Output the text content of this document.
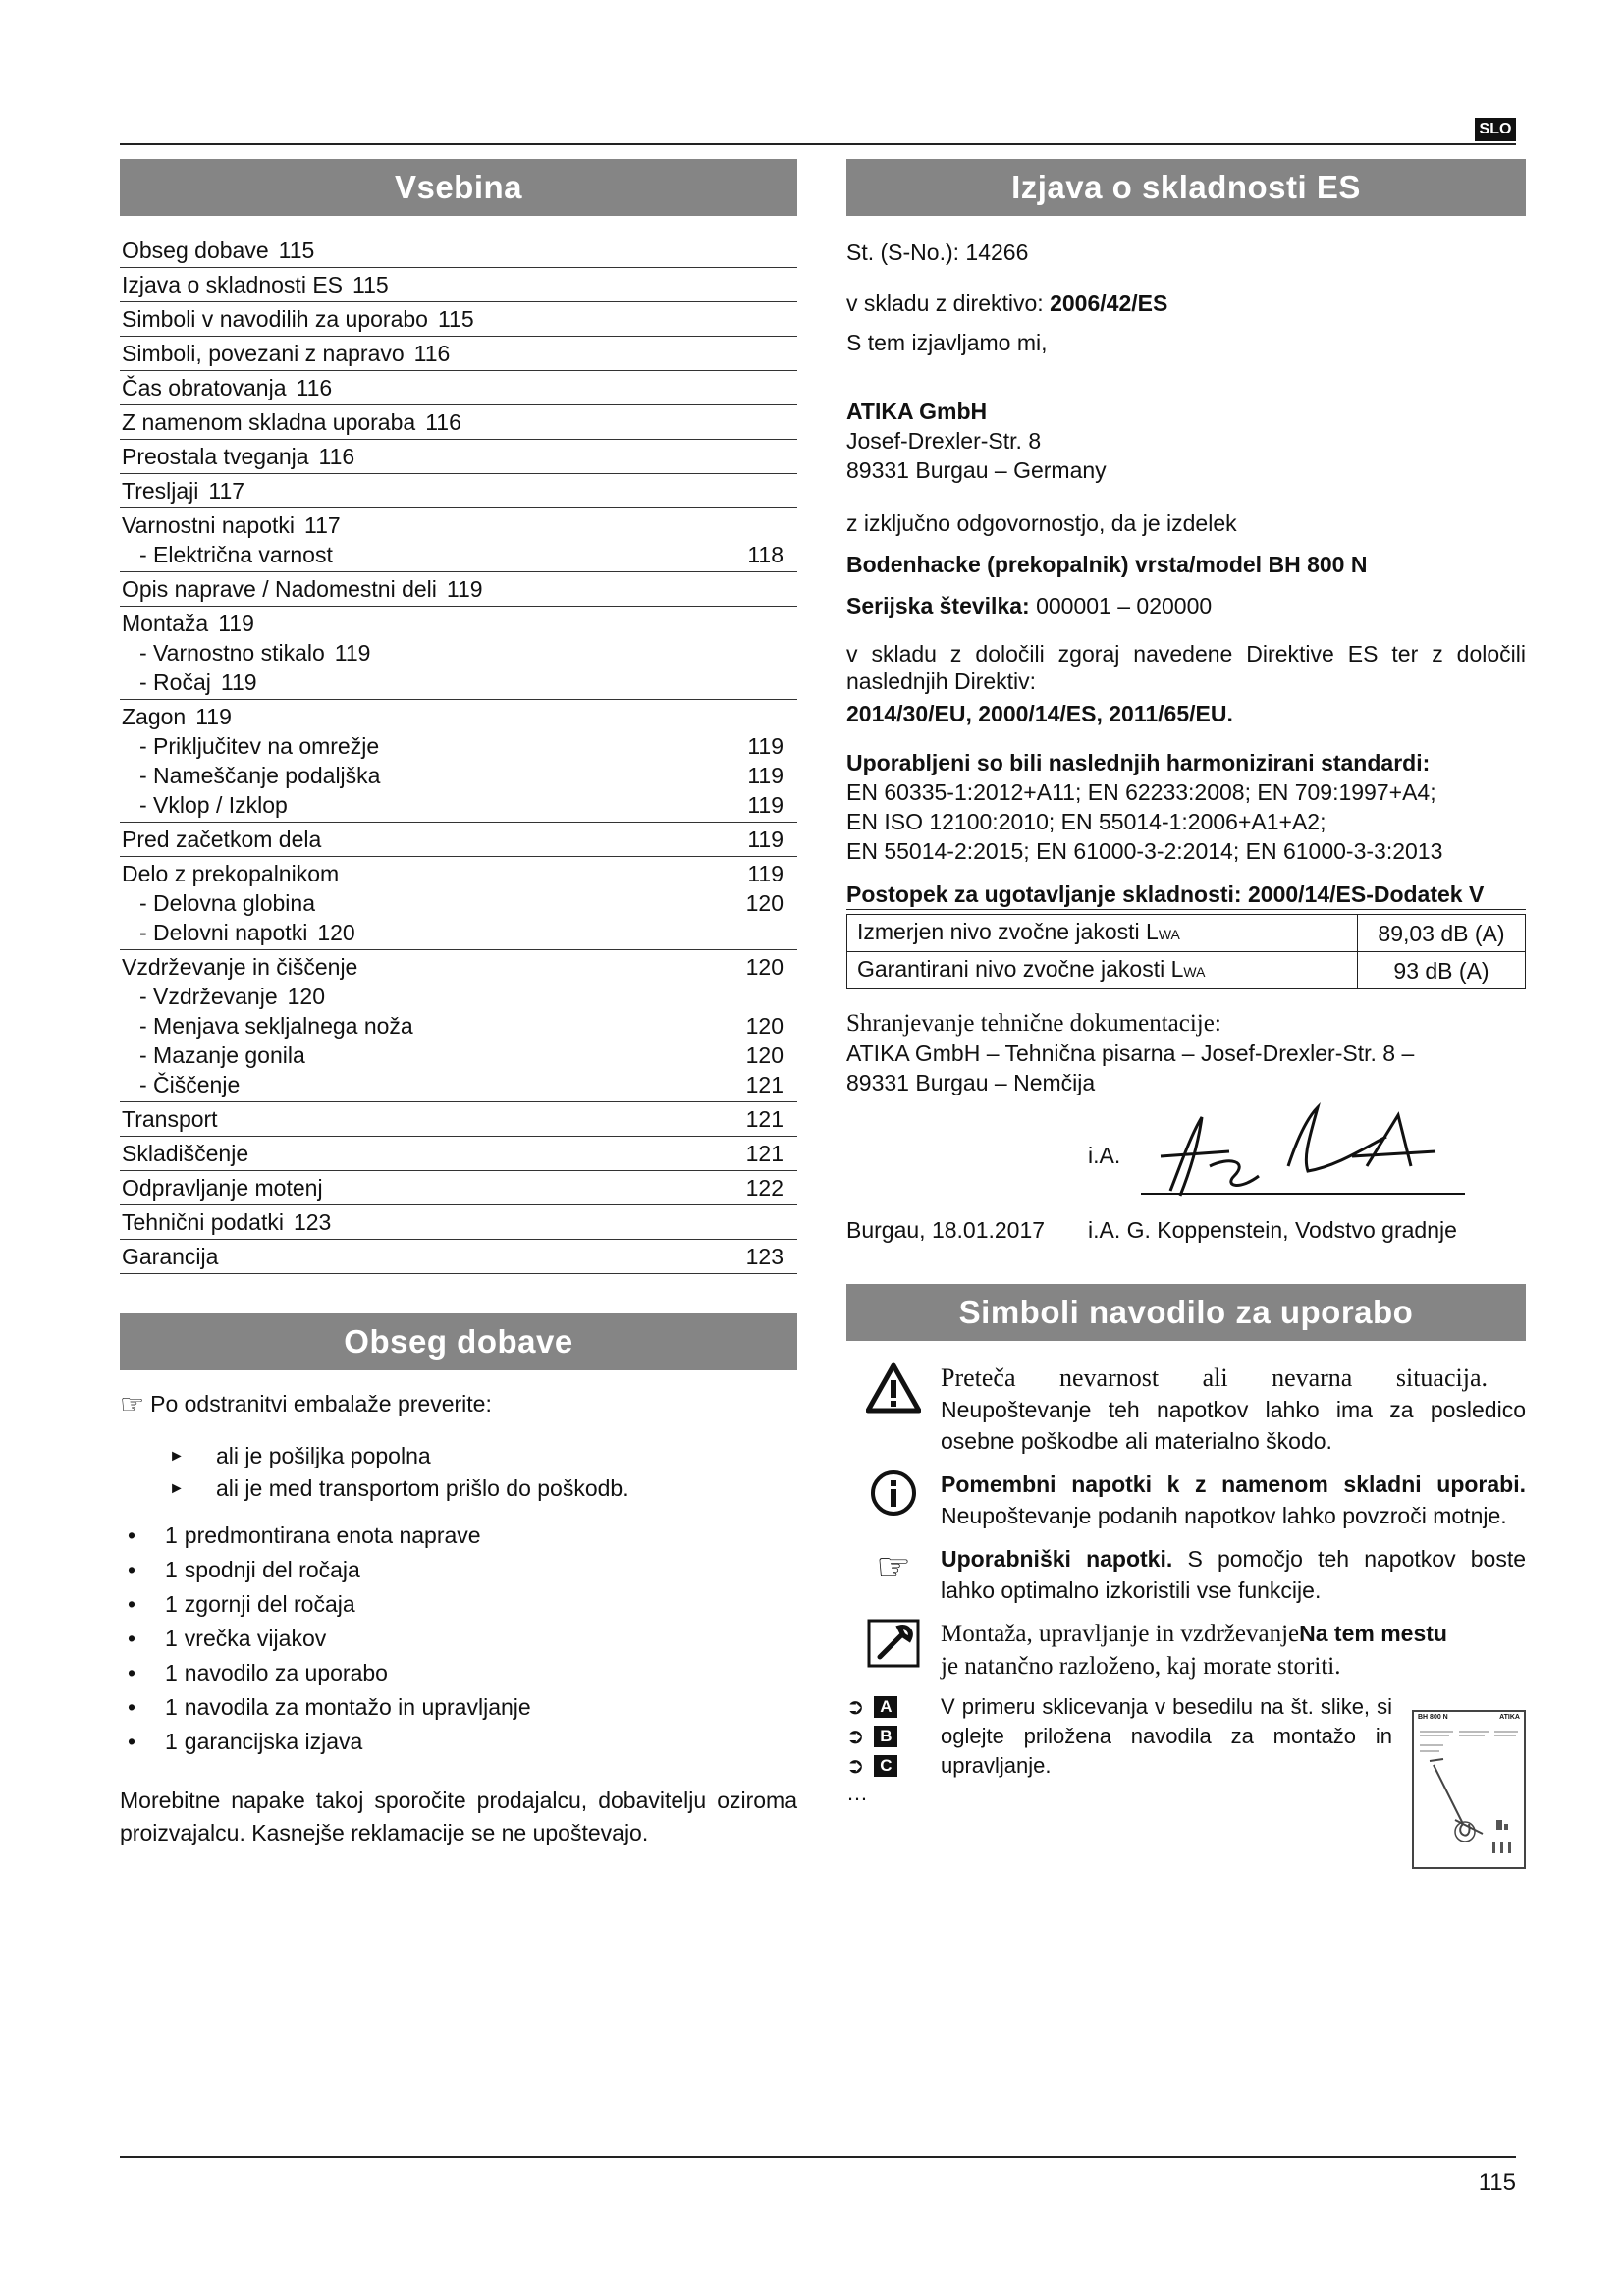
SLO
Vsebina
Obseg dobave 115
Izjava o skladnosti ES 115
Simboli v navodilih za uporabo 115
Simboli, povezani z napravo 116
Čas obratovanja 116
Z namenom skladna uporaba 116
Preostala tveganja 116
Tresljaji 117
Varnostni napotki 117
- Električna varnost	118
Opis naprave / Nadomestni deli 119
Montaža 119
- Varnostno stikalo 119
- Ročaj 119
Zagon 119
- Priključitev na omrežje	119
- Nameščanje podaljška	119
- Vklop / Izklop	119
Pred začetkom dela	119
Delo z prekopalnikom	119
- Delovna globina	120
- Delovni napotki 120
Vzdrževanje in čiščenje	120
- Vzdrževanje 120
- Menjava sekljalnega noža	120
- Mazanje gonila	120
- Čiščenje	121
Transport	121
Skladiščenje	121
Odpravljanje motenj	122
Tehnični podatki 123
Garancija	123
Obseg dobave
☞ Po odstranitvi embalaže preverite:
►	ali je pošiljka popolna
►	ali je med transportom prišlo do poškodb.
•	1 predmontirana enota naprave
•	1 spodnji del ročaja
•	1 zgornji del ročaja
•	1 vrečka vijakov
•	1 navodilo za uporabo
•	1 navodila za montažo in upravljanje
•	1 garancijska izjava

Morebitne napake takoj sporočite prodajalcu, dobavitelju oziroma proizvajalcu. Kasnejše reklamacije se ne upoštevajo.

Izjava o skladnosti ES
St. (S-No.): 14266
v skladu z direktivo: 2006/42/ES
S tem izjavljamo mi,
ATIKA GmbH
Josef-Drexler-Str. 8
89331 Burgau – Germany
z izključno odgovornostjo, da je izdelek
Bodenhacke (prekopalnik) vrsta/model BH 800 N
Serijska številka: 000001 – 020000

v skladu z določili zgoraj navedene Direktive ES ter z določili naslednjih Direktiv:

2014/30/EU, 2000/14/ES, 2011/65/EU.
Uporabljeni so bili naslednjih harmonizirani standardi:
EN 60335-1:2012+A11; EN 62233:2008; EN 709:1997+A4;
EN ISO 12100:2010; EN 55014-1:2006+A1+A2;
EN 55014-2:2015; EN 61000-3-2:2014; EN 61000-3-3:2013
Postopek za ugotavljanje skladnosti: 2000/14/ES-Dodatek V
Izmerjen nivo zvočne jakosti LWA	89,03 dB (A)
Garantirani nivo zvočne jakosti LWA	93 dB (A)
Shranjevanje tehnične dokumentacije:
ATIKA GmbH – Tehnična pisarna – Josef-Drexler-Str. 8 –
89331 Burgau – Nemčija
i.A.
Burgau, 18.01.2017	i.A. G. Koppenstein, Vodstvo gradnje
Simboli navodilo za uporabo
Preteča nevarnost ali nevarna situacija.
Neupoštevanje teh napotkov lahko ima za posledico osebne poškodbe ali materialno škodo.
Pomembni napotki k z namenom skladni uporabi. Neupoštevanje podanih napotkov lahko povzroči motnje.
☞	Uporabniški napotki. S pomočjo teh napotkov boste lahko optimalno izkoristili vse funkcije.
Montaža, upravljanje in vzdrževanjeNa tem mestu
je natančno razloženo, kaj morate storiti.
➲ A
➲ B
➲ C
…
V primeru sklicevanja v besedilu na št. slike, si oglejte priložena navodila za montažo in upravljanje.
BH 800 N	ATIKA
115
